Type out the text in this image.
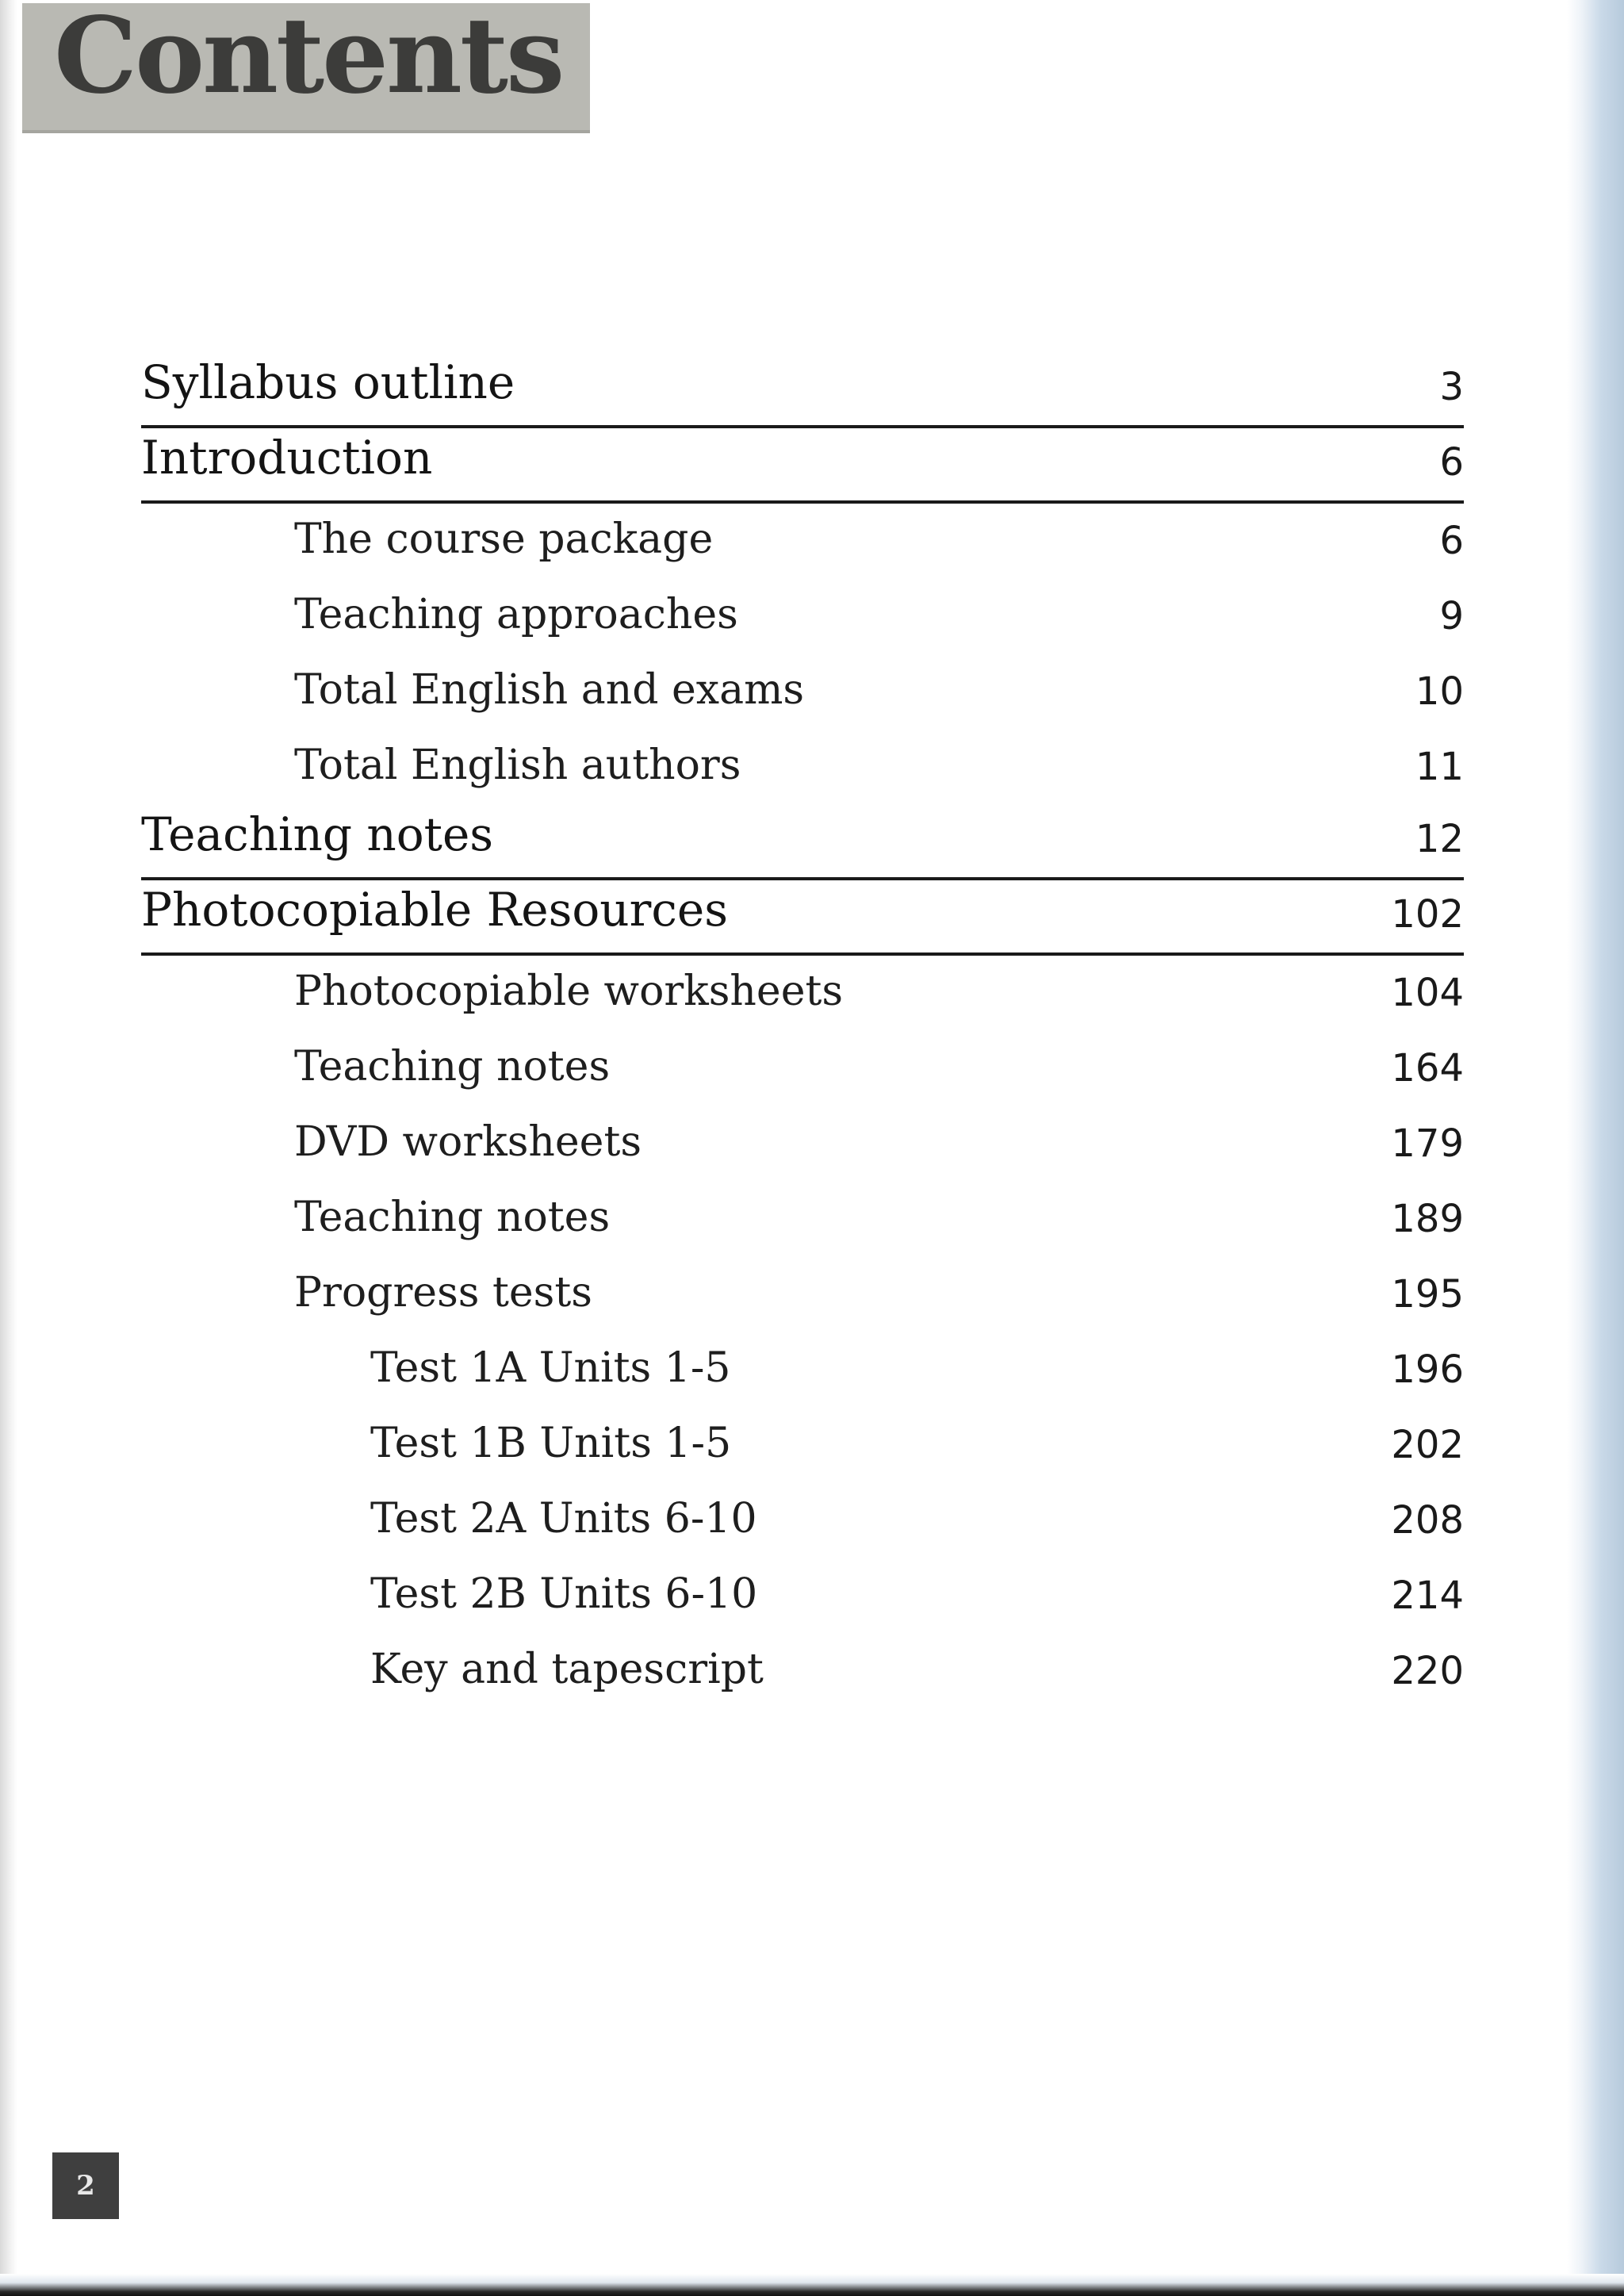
Contents
Syllabus outline	3
Introduction	6
The course package	6
Teaching approaches	9
Total English and exams	10
Total English authors	11
Teaching notes	12
Photocopiable Resources	102
Photocopiable worksheets	104
Teaching notes	164
DVD worksheets	179
Teaching notes	189
Progress tests	195
Test 1A Units 1-5	196
Test 1B Units 1-5	202
Test 2A Units 6-10	208
Test 2B Units 6-10	214
Key and tapescript	220
2
